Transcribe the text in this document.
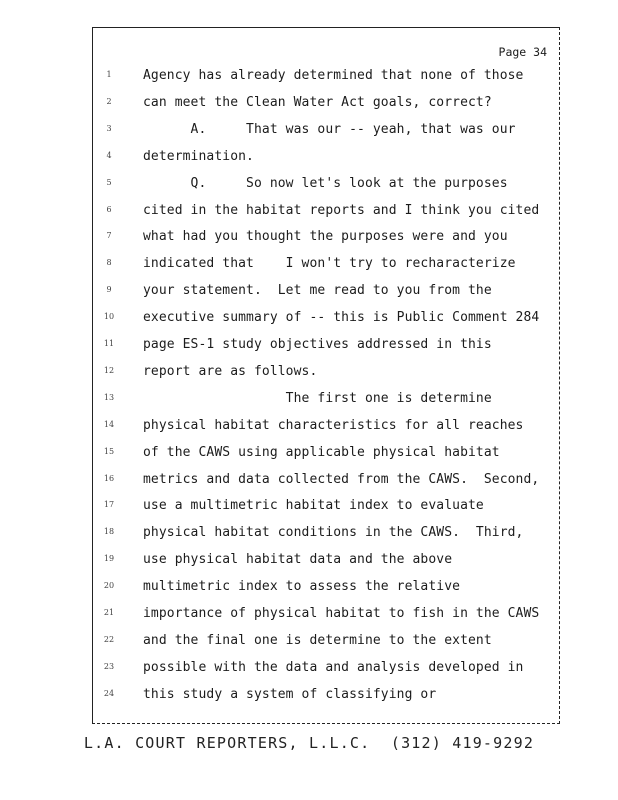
Page 34
1	Agency has already determined that none of those
2	can meet the Clean Water Act goals, correct?
3	A.     That was our -- yeah, that was our
4	determination.
5	Q.     So now let's look at the purposes
6	cited in the habitat reports and I think you cited
7	what had you thought the purposes were and you
8	indicated that    I won't try to recharacterize
9	your statement.  Let me read to you from the
10	executive summary of -- this is Public Comment 284
11	page ES-1 study objectives addressed in this
12	report are as follows.
13	The first one is determine
14	physical habitat characteristics for all reaches
15	of the CAWS using applicable physical habitat
16	metrics and data collected from the CAWS.  Second,
17	use a multimetric habitat index to evaluate
18	physical habitat conditions in the CAWS.  Third,
19	use physical habitat data and the above
20	multimetric index to assess the relative
21	importance of physical habitat to fish in the CAWS
22	and the final one is determine to the extent
23	possible with the data and analysis developed in
24	this study a system of classifying or
L.A. COURT REPORTERS, L.L.C.  (312) 419-9292
